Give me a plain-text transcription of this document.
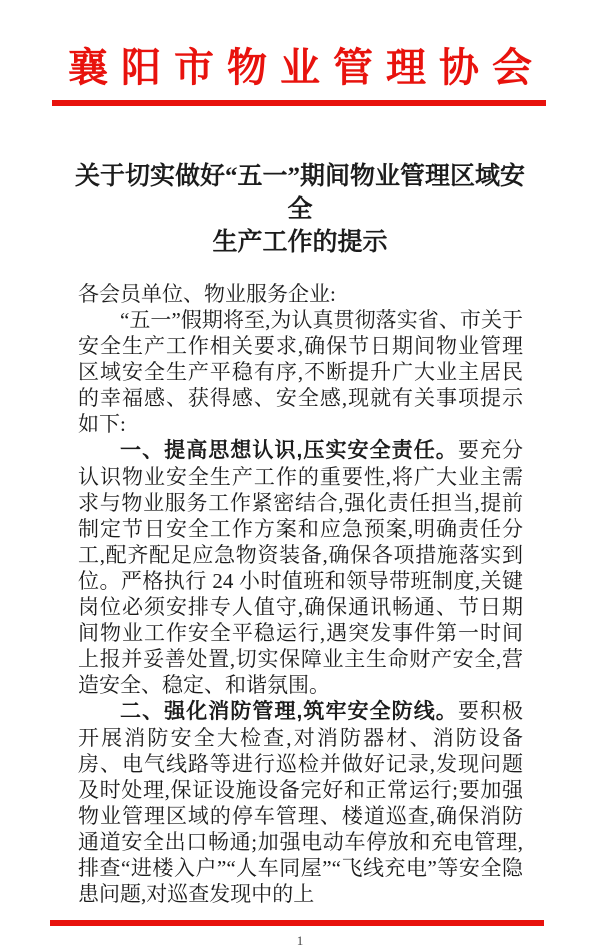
襄阳市物业管理协会
关于切实做好“五一”期间物业管理区域安全
生产工作的提示

各会员单位、物业服务企业:

“五一”假期将至,为认真贯彻落实省、市关于安全生产工作相关要求,确保节日期间物业管理区域安全生产平稳有序,不断提升广大业主居民的幸福感、获得感、安全感,现就有关事项提示如下:

一、提高思想认识,压实安全责任。要充分认识物业安全生产工作的重要性,将广大业主需求与物业服务工作紧密结合,强化责任担当,提前制定节日安全工作方案和应急预案,明确责任分工,配齐配足应急物资装备,确保各项措施落实到位。严格执行 24 小时值班和领导带班制度,关键岗位必须安排专人值守,确保通讯畅通、节日期间物业工作安全平稳运行,遇突发事件第一时间上报并妥善处置,切实保障业主生命财产安全,营造安全、稳定、和谐氛围。

二、强化消防管理,筑牢安全防线。要积极开展消防安全大检查,对消防器材、消防设备房、电气线路等进行巡检并做好记录,发现问题及时处理,保证设施设备完好和正常运行;要加强物业管理区域的停车管理、楼道巡查,确保消防通道安全出口畅通;加强电动车停放和充电管理,排查“进楼入户”“人车同屋”“飞线充电”等安全隐患问题,对巡查发现中的上

1
